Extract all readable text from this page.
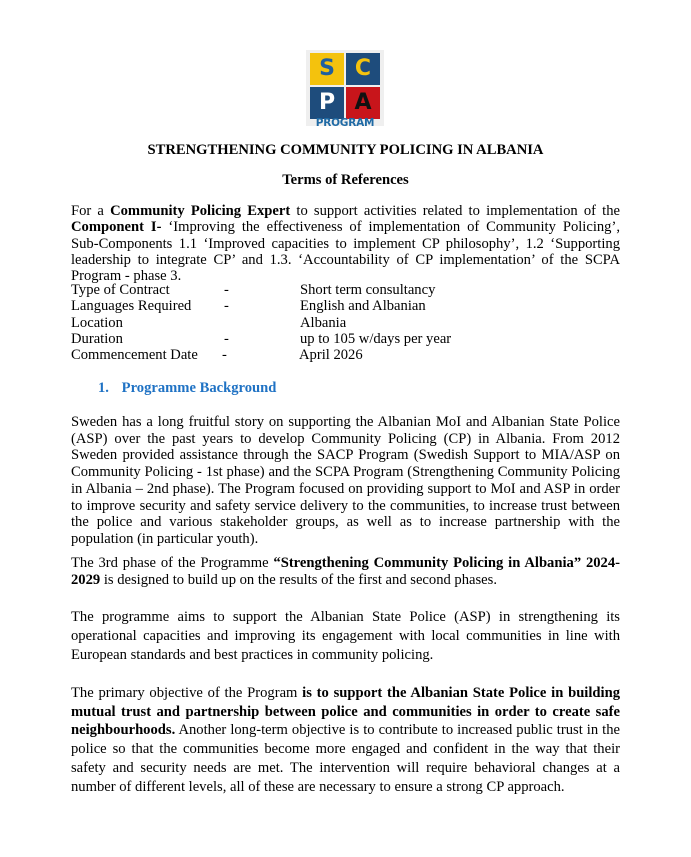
S C
P A
PROGRAM
STRENGTHENING COMMUNITY POLICING IN ALBANIA
Terms of References
For a Community Policing Expert to support activities related to implementation of the Component I- ‘Improving the effectiveness of implementation of Community Policing’, Sub-Components 1.1 ‘Improved capacities to implement CP philosophy’, 1.2 ‘Supporting leadership to integrate CP’ and 1.3. ‘Accountability of CP implementation’ of the SCPA Program - phase 3.
Type of Contract	-	Short term consultancy
Languages Required -	English and Albanian
Location	Albania
Duration	-	up to 105 w/days per year
Commencement Date -	April 2026
1. Programme Background
Sweden has a long fruitful story on supporting the Albanian MoI and Albanian State Police (ASP) over the past years to develop Community Policing (CP) in Albania. From 2012 Sweden provided assistance through the SACP Program (Swedish Support to MIA/ASP on Community Policing - 1st phase) and the SCPA Program (Strengthening Community Policing in Albania – 2nd phase). The Program focused on providing support to MoI and ASP in order to improve security and safety service delivery to the communities, to increase trust between the police and various stakeholder groups, as well as to increase partnership with the population (in particular youth).
The 3rd phase of the Programme “Strengthening Community Policing in Albania” 2024-2029 is designed to build up on the results of the first and second phases.
The programme aims to support the Albanian State Police (ASP) in strengthening its operational capacities and improving its engagement with local communities in line with European standards and best practices in community policing.
The primary objective of the Program is to support the Albanian State Police in building mutual trust and partnership between police and communities in order to create safe neighbourhoods. Another long-term objective is to contribute to increased public trust in the police so that the communities become more engaged and confident in the way that their safety and security needs are met. The intervention will require behavioral changes at a number of different levels, all of these are necessary to ensure a strong CP approach.
